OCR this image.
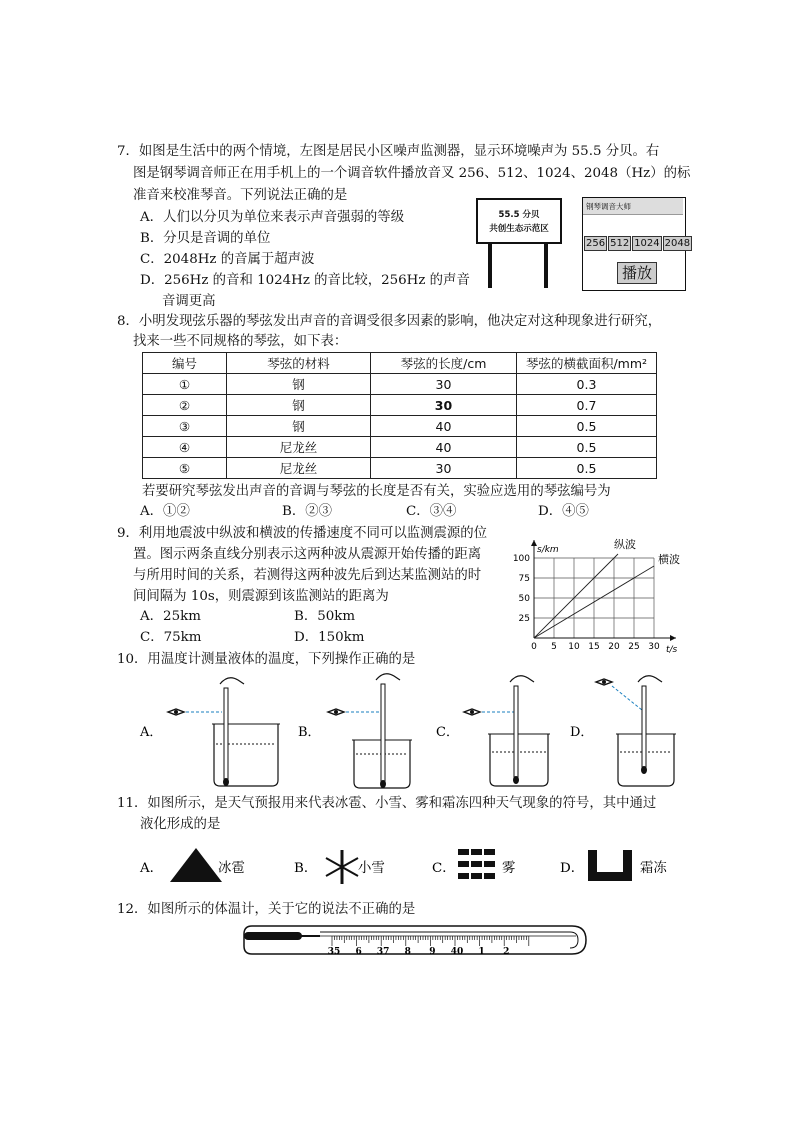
7．如图是生活中的两个情境，左图是居民小区噪声监测器，显示环境噪声为 55.5 分贝。右
图是钢琴调音师正在用手机上的一个调音软件播放音叉 256、512、1024、2048（Hz）的标
准音来校准琴音。下列说法正确的是
A．人们以分贝为单位来表示声音强弱的等级
B．分贝是音调的单位
C．2048Hz 的音属于超声波
D．256Hz 的音和 1024Hz 的音比较，256Hz 的声音
音调更高
55.5 分贝
共创生态示范区
钢琴调音大师
256 512 1024 2048
播放
8．小明发现弦乐器的琴弦发出声音的音调受很多因素的影响，他决定对这种现象进行研究，
找来一些不同规格的琴弦，如下表：
编号	琴弦的材料	琴弦的长度/cm	琴弦的横截面积/mm²
①	钢	30	0.3
②	钢	30	0.7
③	钢	40	0.5
④	尼龙丝	40	0.5
⑤	尼龙丝	30	0.5
若要研究琴弦发出声音的音调与琴弦的长度是否有关，实验应选用的琴弦编号为
A．①②	B．②③	C．③④	D．④⑤
9．利用地震波中纵波和横波的传播速度不同可以监测震源的位
置。图示两条直线分别表示这两种波从震源开始传播的距离
与所用时间的关系，若测得这两种波先后到达某监测站的时
间间隔为 10s，则震源到该监测站的距离为
A．25km	B．50km
C．75km	D．150km
0 5 10 15 20 25 30
25
50
75
100
s/km
t/s
纵波
横波
10．用温度计测量液体的温度，下列操作正确的是
A．	B．	C．	D．
11．如图所示，是天气预报用来代表冰雹、小雪、雾和霜冻四种天气现象的符号，其中通过
液化形成的是
A．	冰雹	B．	小雪	C．	雾	D．	霜冻
12．如图所示的体温计，关于它的说法不正确的是
35 6 37 8 9 40 1 2
